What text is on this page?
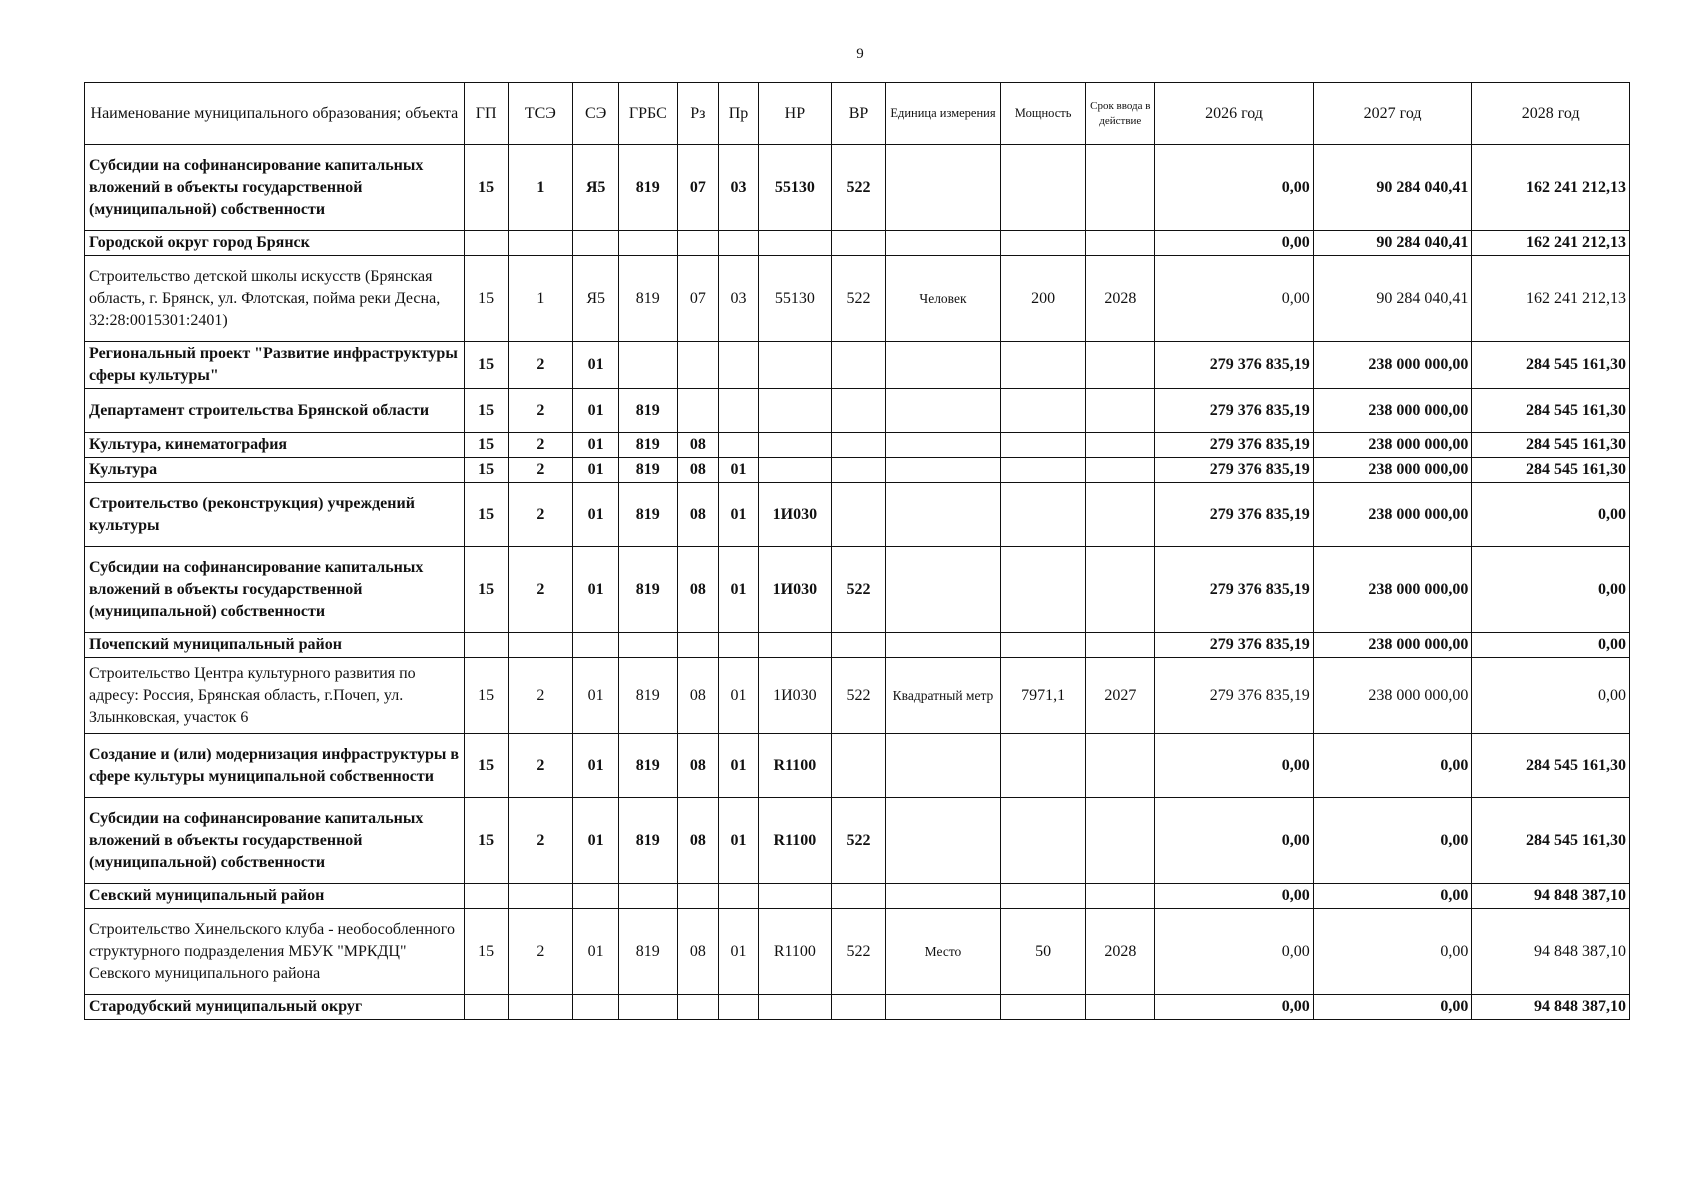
9
Наименование муниципального образования; объекта	ГП	ТСЭ	СЭ	ГРБС	Рз	Пр	НР	ВР	Единица измерения	Мощность	Срок ввода в действие	2026 год	2027 год	2028 год
Субсидии на софинансирование капитальных вложений в объекты государственной (муниципальной) собственности	15	1	Я5	819	07	03	55130	522				0,00	90 284 040,41	162 241 212,13
Городской округ город Брянск												0,00	90 284 040,41	162 241 212,13
Строительство детской школы искусств (Брянская область, г. Брянск, ул. Флотская, пойма реки Десна, 32:28:0015301:2401)	15	1	Я5	819	07	03	55130	522	Человек	200	2028	0,00	90 284 040,41	162 241 212,13
Региональный проект "Развитие инфраструктуры сферы культуры"	15	2	01									279 376 835,19	238 000 000,00	284 545 161,30
Департамент строительства Брянской области	15	2	01	819								279 376 835,19	238 000 000,00	284 545 161,30
Культура, кинематография	15	2	01	819	08							279 376 835,19	238 000 000,00	284 545 161,30
Культура	15	2	01	819	08	01						279 376 835,19	238 000 000,00	284 545 161,30
Строительство (реконструкция) учреждений культуры	15	2	01	819	08	01	1И030					279 376 835,19	238 000 000,00	0,00
Субсидии на софинансирование капитальных вложений в объекты государственной (муниципальной) собственности	15	2	01	819	08	01	1И030	522				279 376 835,19	238 000 000,00	0,00
Почепский муниципальный район												279 376 835,19	238 000 000,00	0,00
Строительство Центра культурного развития по адресу: Россия, Брянская область, г.Почеп, ул. Злынковская, участок 6	15	2	01	819	08	01	1И030	522	Квадратный метр	7971,1	2027	279 376 835,19	238 000 000,00	0,00
Создание и (или) модернизация инфраструктуры в сфере культуры муниципальной собственности	15	2	01	819	08	01	R1100					0,00	0,00	284 545 161,30
Субсидии на софинансирование капитальных вложений в объекты государственной (муниципальной) собственности	15	2	01	819	08	01	R1100	522				0,00	0,00	284 545 161,30
Севский муниципальный район												0,00	0,00	94 848 387,10
Строительство Хинельского клуба - необособленного структурного подразделения МБУК "МРКДЦ" Севского муниципального района	15	2	01	819	08	01	R1100	522	Место	50	2028	0,00	0,00	94 848 387,10
Стародубский муниципальный округ												0,00	0,00	94 848 387,10
